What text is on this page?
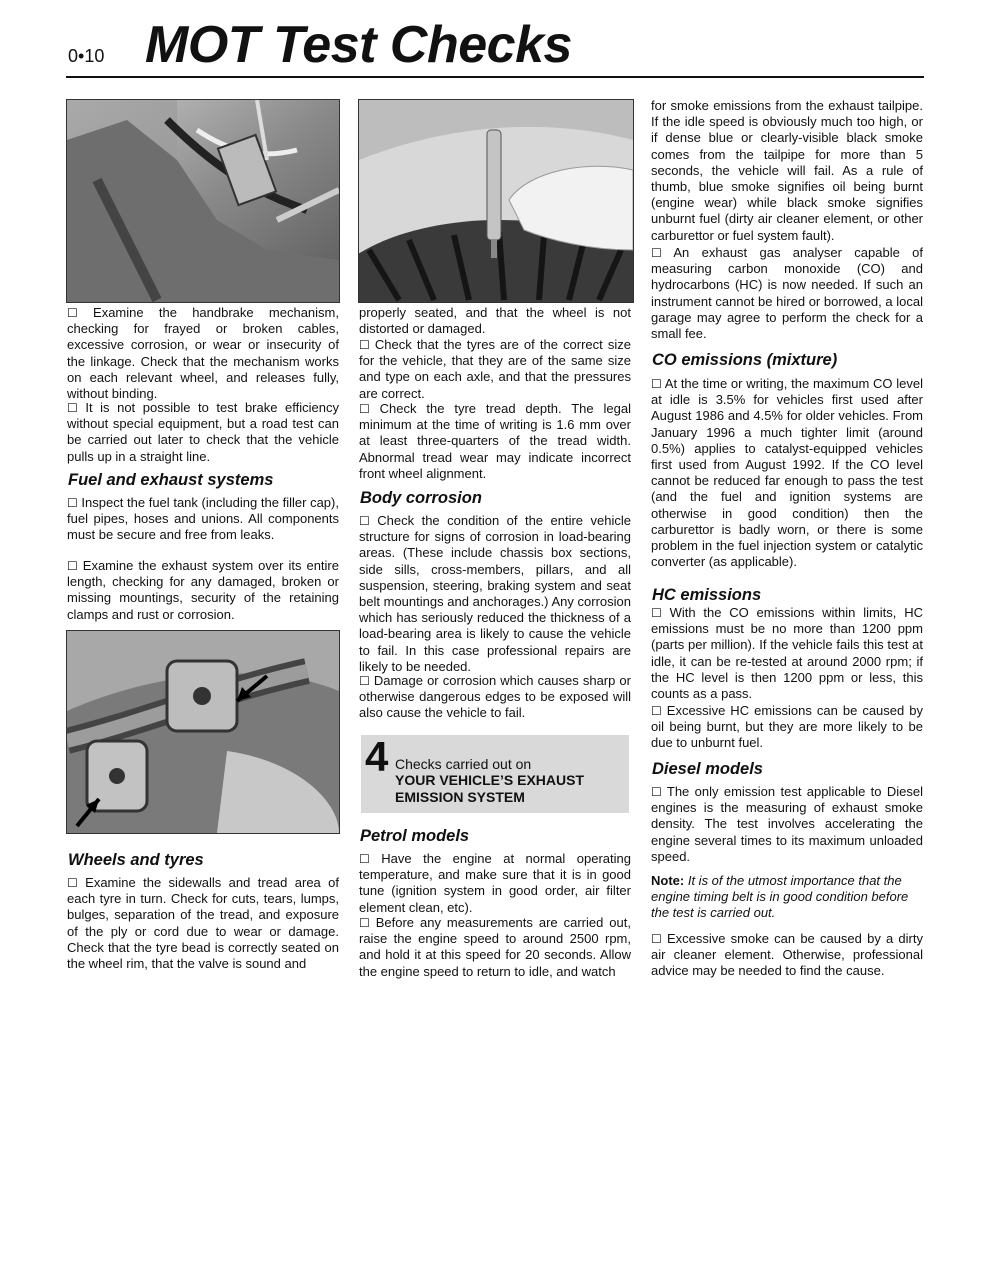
0•10 MOT Test Checks

☐ Examine the handbrake mechanism, checking for frayed or broken cables, excessive corrosion, or wear or insecurity of the linkage. Check that the mechanism works on each relevant wheel, and releases fully, without binding.

☐ It is not possible to test brake efficiency without special equipment, but a road test can be carried out later to check that the vehicle pulls up in a straight line.

Fuel and exhaust systems

☐ Inspect the fuel tank (including the filler cap), fuel pipes, hoses and unions. All components must be secure and free from leaks.

☐ Examine the exhaust system over its entire length, checking for any damaged, broken or missing mountings, security of the retaining clamps and rust or corrosion.

Wheels and tyres

☐ Examine the sidewalls and tread area of each tyre in turn. Check for cuts, tears, lumps, bulges, separation of the tread, and exposure of the ply or cord due to wear or damage. Check that the tyre bead is correctly seated on the wheel rim, that the valve is sound and

properly seated, and that the wheel is not distorted or damaged.

☐ Check that the tyres are of the correct size for the vehicle, that they are of the same size and type on each axle, and that the pressures are correct.

☐ Check the tyre tread depth. The legal minimum at the time of writing is 1.6 mm over at least three-quarters of the tread width. Abnormal tread wear may indicate incorrect front wheel alignment.

Body corrosion

☐ Check the condition of the entire vehicle structure for signs of corrosion in load-bearing areas. (These include chassis box sections, side sills, cross-members, pillars, and all suspension, steering, braking system and seat belt mountings and anchorages.) Any corrosion which has seriously reduced the thickness of a load-bearing area is likely to cause the vehicle to fail. In this case professional repairs are likely to be needed.

☐ Damage or corrosion which causes sharp or otherwise dangerous edges to be exposed will also cause the vehicle to fail.

4 Checks carried out on
YOUR VEHICLE’S EXHAUST
EMISSION SYSTEM
Petrol models

☐ Have the engine at normal operating temperature, and make sure that it is in good tune (ignition system in good order, air filter element clean, etc).

☐ Before any measurements are carried out, raise the engine speed to around 2500 rpm, and hold it at this speed for 20 seconds. Allow the engine speed to return to idle, and watch

for smoke emissions from the exhaust tailpipe. If the idle speed is obviously much too high, or if dense blue or clearly-visible black smoke comes from the tailpipe for more than 5 seconds, the vehicle will fail. As a rule of thumb, blue smoke signifies oil being burnt (engine wear) while black smoke signifies unburnt fuel (dirty air cleaner element, or other carburettor or fuel system fault).

☐ An exhaust gas analyser capable of measuring carbon monoxide (CO) and hydrocarbons (HC) is now needed. If such an instrument cannot be hired or borrowed, a local garage may agree to perform the check for a small fee.

CO emissions (mixture)

☐ At the time or writing, the maximum CO level at idle is 3.5% for vehicles first used after August 1986 and 4.5% for older vehicles. From January 1996 a much tighter limit (around 0.5%) applies to catalyst-equipped vehicles first used from August 1992. If the CO level cannot be reduced far enough to pass the test (and the fuel and ignition systems are otherwise in good condition) then the carburettor is badly worn, or there is some problem in the fuel injection system or catalytic converter (as applicable).

HC emissions

☐ With the CO emissions within limits, HC emissions must be no more than 1200 ppm (parts per million). If the vehicle fails this test at idle, it can be re-tested at around 2000 rpm; if the HC level is then 1200 ppm or less, this counts as a pass.

☐ Excessive HC emissions can be caused by oil being burnt, but they are more likely to be due to unburnt fuel.

Diesel models

☐ The only emission test applicable to Diesel engines is the measuring of exhaust smoke density. The test involves accelerating the engine several times to its maximum unloaded speed.

Note: It is of the utmost importance that the engine timing belt is in good condition before the test is carried out.

☐ Excessive smoke can be caused by a dirty air cleaner element. Otherwise, professional advice may be needed to find the cause.
